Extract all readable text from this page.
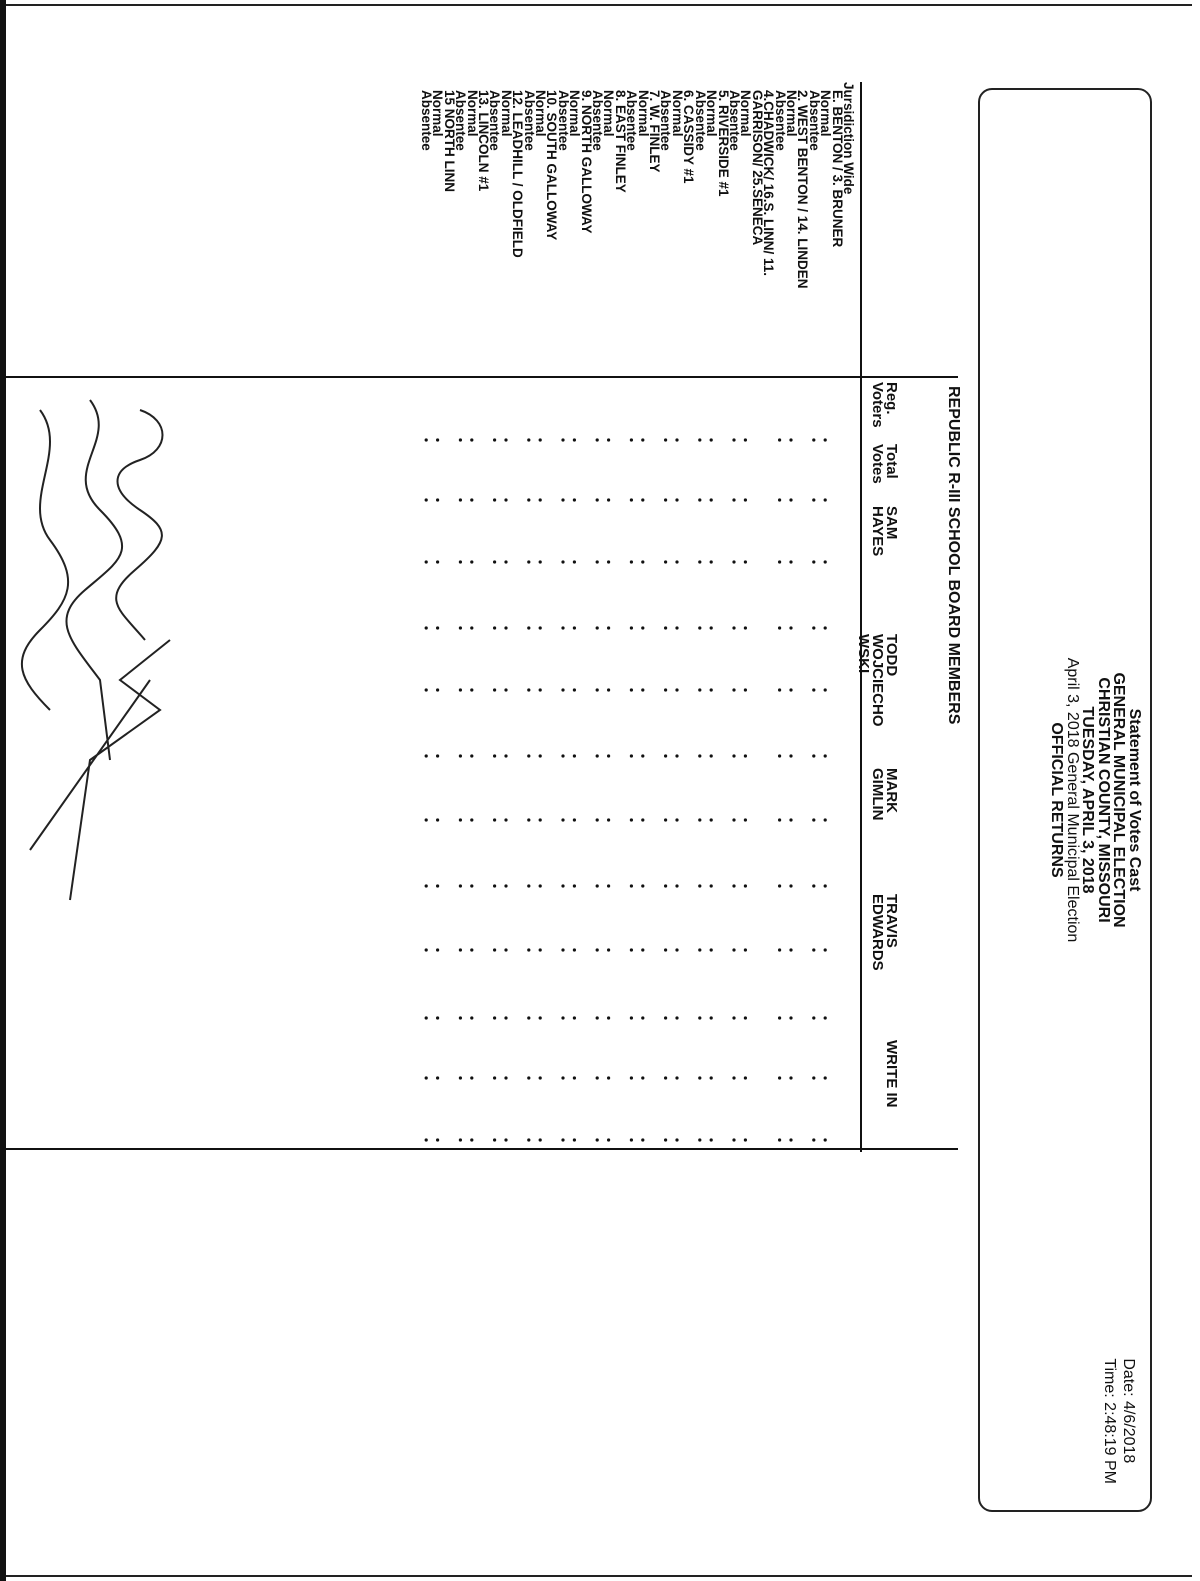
Statement of Votes Cast
GENERAL MUNICIPAL ELECTION
CHRISTIAN COUNTY, MISSOURI
TUESDAY, APRIL 3, 2018
April 3, 2018 General Municipal Election
OFFICIAL RETURNS
Date: 4/6/2018
Time: 2:48:19 PM
REPUBLIC R-III SCHOOL BOARD MEMBERS
Reg. Voters
Total Votes
SAM HAYES
TODD WOJCIECHO WSKI
MARK GIMLIN
TRAVIS EDWARDS
WRITE IN
Jursidiction Wide
E. BENTON / 3. BRUNER
Normal
Absentee
2. WEST BENTON / 14. LINDEN
Normal
Absentee
4.CHADWICK/ 16.S. LINN/ 11.
GARRISON/ 25.SENECA
Normal
Absentee
5. RIVERSIDE #1
Normal
Absentee
6. CASSIDY #1
Normal
Absentee
7. W. FINLEY
Normal
Absentee
8. EAST FINLEY
Normal
Absentee
9. NORTH GALLOWAY
Normal
Absentee
10. SOUTH GALLOWAY
Normal
Absentee
12. LEADHILL / OLDFIELD
Normal
Absentee
13. LINCOLN #1
Normal
Absentee
15 NORTH LINN
Normal
Absentee
